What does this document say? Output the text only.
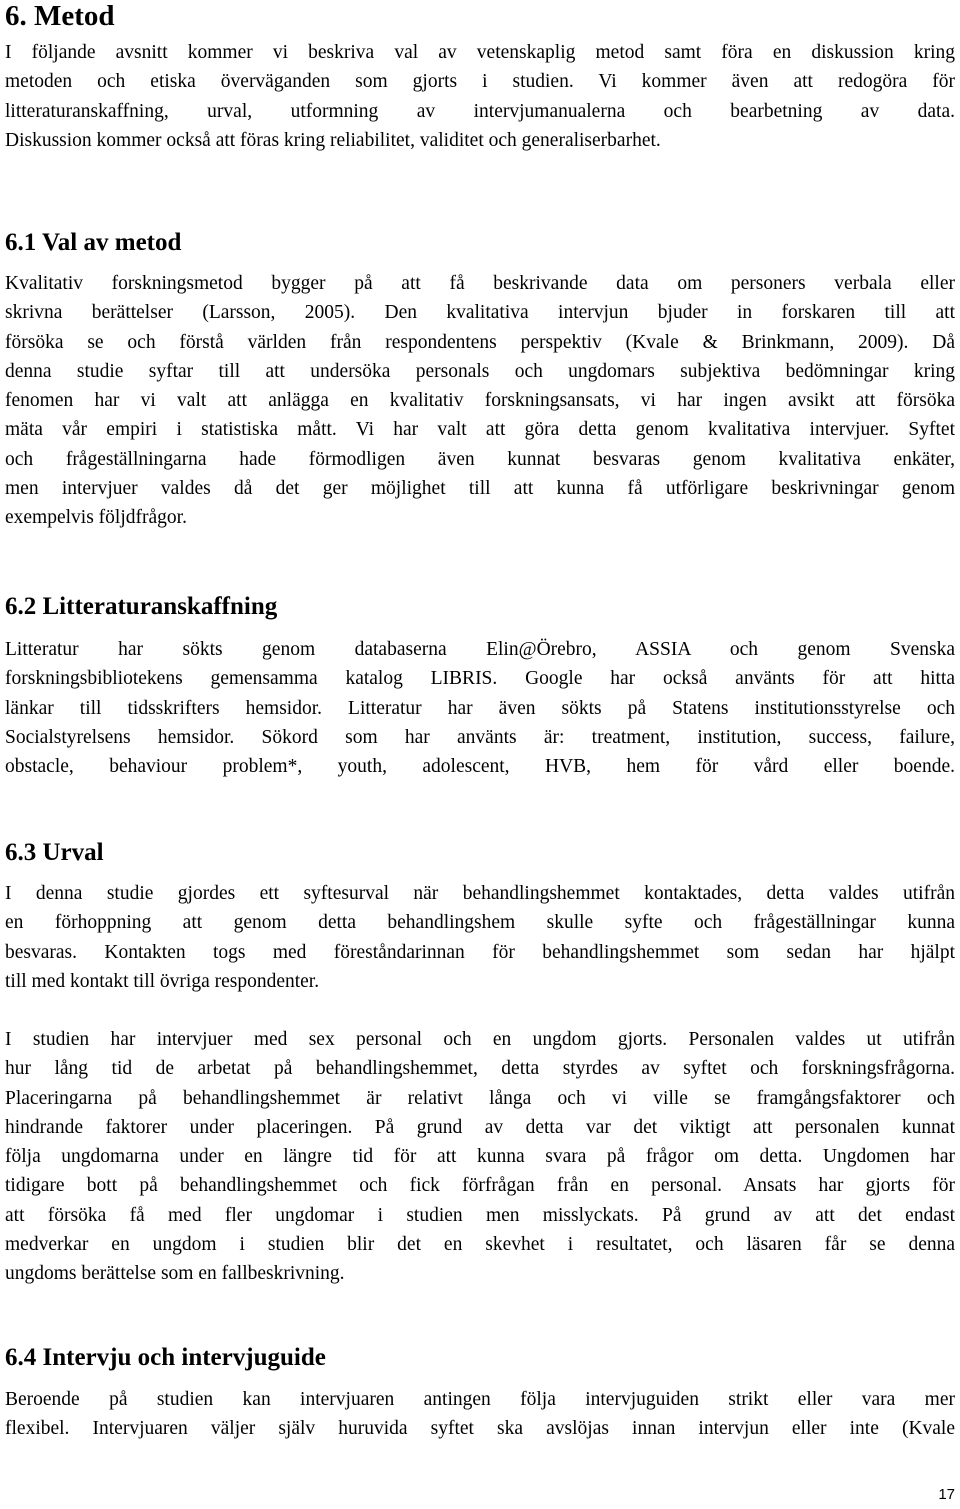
6. Metod
I följande avsnitt kommer vi beskriva val av vetenskaplig metod samt föra en diskussion kring
metoden och etiska överväganden som gjorts i studien. Vi kommer även att redogöra för
litteraturanskaffning, urval, utformning av intervjumanualerna och bearbetning av data.
Diskussion kommer också att föras kring reliabilitet, validitet och generaliserbarhet.
6.1 Val av metod
Kvalitativ forskningsmetod bygger på att få beskrivande data om personers verbala eller
skrivna berättelser (Larsson, 2005). Den kvalitativa intervjun bjuder in forskaren till att
försöka se och förstå världen från respondentens perspektiv (Kvale & Brinkmann, 2009). Då
denna studie syftar till att undersöka personals och ungdomars subjektiva bedömningar kring
fenomen har vi valt att anlägga en kvalitativ forskningsansats, vi har ingen avsikt att försöka
mäta vår empiri i statistiska mått. Vi har valt att göra detta genom kvalitativa intervjuer. Syftet
och frågeställningarna hade förmodligen även kunnat besvaras genom kvalitativa enkäter,
men intervjuer valdes då det ger möjlighet till att kunna få utförligare beskrivningar genom
exempelvis följdfrågor.
6.2 Litteraturanskaffning
Litteratur har sökts genom databaserna Elin@Örebro, ASSIA och genom Svenska
forskningsbibliotekens gemensamma katalog LIBRIS. Google har också använts för att hitta
länkar till tidsskrifters hemsidor. Litteratur har även sökts på Statens institutionsstyrelse och
Socialstyrelsens hemsidor. Sökord som har använts är: treatment, institution, success, failure,
obstacle, behaviour problem*, youth, adolescent, HVB, hem för vård eller boende.
6.3 Urval
I denna studie gjordes ett syftesurval när behandlingshemmet kontaktades, detta valdes utifrån
en förhoppning att genom detta behandlingshem skulle syfte och frågeställningar kunna
besvaras. Kontakten togs med föreståndarinnan för behandlingshemmet som sedan har hjälpt
till med kontakt till övriga respondenter.
I studien har intervjuer med sex personal och en ungdom gjorts. Personalen valdes ut utifrån
hur lång tid de arbetat på behandlingshemmet, detta styrdes av syftet och forskningsfrågorna.
Placeringarna på behandlingshemmet är relativt långa och vi ville se framgångsfaktorer och
hindrande faktorer under placeringen. På grund av detta var det viktigt att personalen kunnat
följa ungdomarna under en längre tid för att kunna svara på frågor om detta. Ungdomen har
tidigare bott på behandlingshemmet och fick förfrågan från en personal. Ansats har gjorts för
att försöka få med fler ungdomar i studien men misslyckats. På grund av att det endast
medverkar en ungdom i studien blir det en skevhet i resultatet, och läsaren får se denna
ungdoms berättelse som en fallbeskrivning.
6.4 Intervju och intervjuguide
Beroende på studien kan intervjuaren antingen följa intervjuguiden strikt eller vara mer
flexibel. Intervjuaren väljer själv huruvida syftet ska avslöjas innan intervjun eller inte (Kvale
17
